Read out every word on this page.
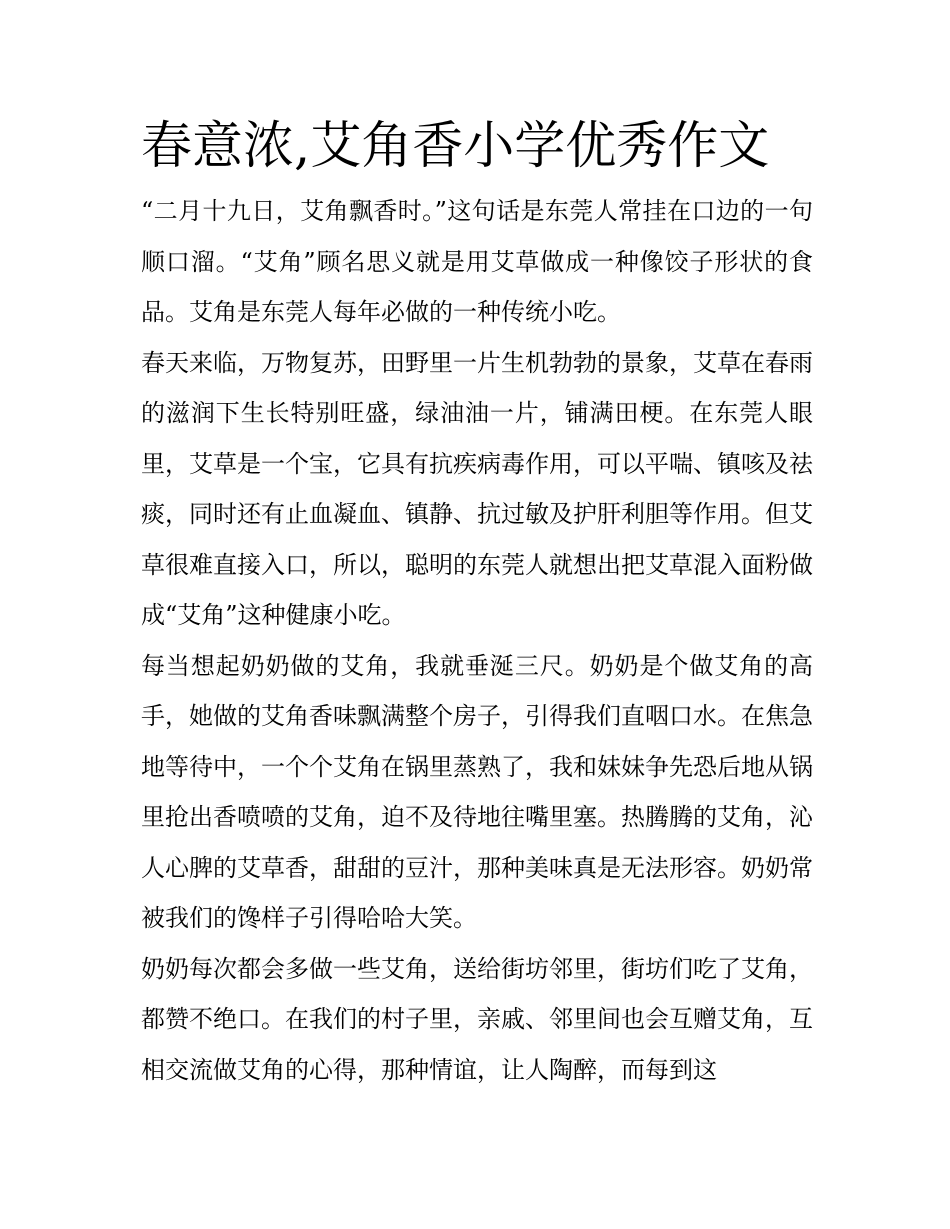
春意浓,艾角香小学优秀作文

“二月十九日，艾角飘香时。”这句话是东莞人常挂在口边的一句顺口溜。“艾角”顾名思义就是用艾草做成一种像饺子形状的食品。艾角是东莞人每年必做的一种传统小吃。

春天来临，万物复苏，田野里一片生机勃勃的景象，艾草在春雨的滋润下生长特别旺盛，绿油油一片，铺满田梗。在东莞人眼里，艾草是一个宝，它具有抗疾病毒作用，可以平喘、镇咳及祛痰，同时还有止血凝血、镇静、抗过敏及护肝利胆等作用。但艾草很难直接入口，所以，聪明的东莞人就想出把艾草混入面粉做成“艾角”这种健康小吃。

每当想起奶奶做的艾角，我就垂涎三尺。奶奶是个做艾角的高手，她做的艾角香味飘满整个房子，引得我们直咽口水。在焦急地等待中，一个个艾角在锅里蒸熟了，我和妹妹争先恐后地从锅里抢出香喷喷的艾角，迫不及待地往嘴里塞。热腾腾的艾角，沁人心脾的艾草香，甜甜的豆汁，那种美味真是无法形容。奶奶常被我们的馋样子引得哈哈大笑。

奶奶每次都会多做一些艾角，送给街坊邻里，街坊们吃了艾角，都赞不绝口。在我们的村子里，亲戚、邻里间也会互赠艾角，互相交流做艾角的心得，那种情谊，让人陶醉，而每到这
